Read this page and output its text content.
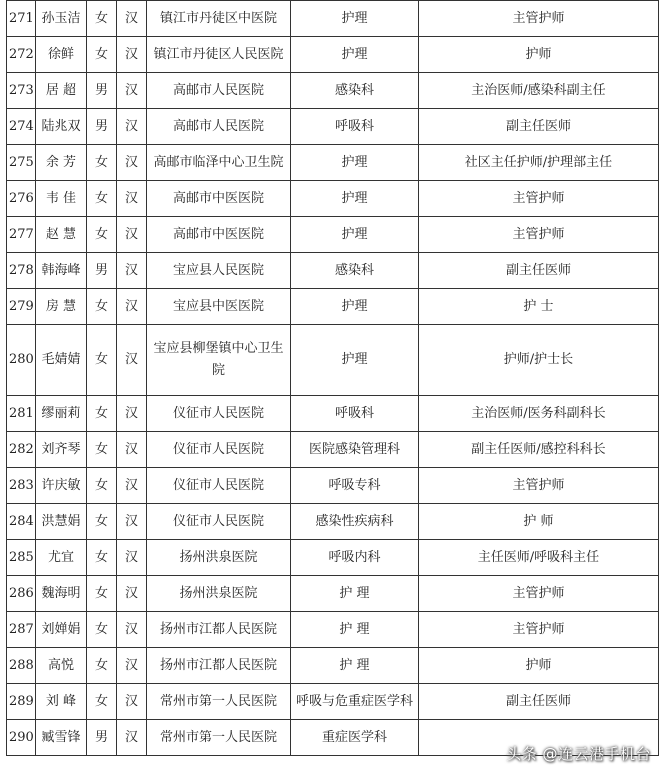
271	孙玉洁	女	汉	镇江市丹徒区中医院	护理	主管护师
272	徐鲜	女	汉	镇江市丹徒区人民医院	护理	护师
273	居 超	男	汉	高邮市人民医院	感染科	主治医师/感染科副主任
274	陆兆双	男	汉	高邮市人民医院	呼吸科	副主任医师
275	余 芳	女	汉	高邮市临泽中心卫生院	护理	社区主任护师/护理部主任
276	韦 佳	女	汉	高邮市中医医院	护理	主管护师
277	赵 慧	女	汉	高邮市中医医院	护理	主管护师
278	韩海峰	男	汉	宝应县人民医院	感染科	副主任医师
279	房 慧	女	汉	宝应县中医医院	护理	护 士
280	毛婧婧	女	汉	宝应县柳堡镇中心卫生院	护理	护师/护士长
281	缪丽莉	女	汉	仪征市人民医院	呼吸科	主治医师/医务科副科长
282	刘齐琴	女	汉	仪征市人民医院	医院感染管理科	副主任医师/感控科科长
283	许庆敏	女	汉	仪征市人民医院	呼吸专科	主管护师
284	洪慧娟	女	汉	仪征市人民医院	感染性疾病科	护 师
285	尤宜	女	汉	扬州洪泉医院	呼吸内科	主任医师/呼吸科主任
286	魏海明	女	汉	扬州洪泉医院	护 理	主管护师
287	刘婵娟	女	汉	扬州市江都人民医院	护 理	主管护师
288	高悦	女	汉	扬州市江都人民医院	护 理	护师
289	刘 峰	女	汉	常州市第一人民医院	呼吸与危重症医学科	副主任医师
290	臧雪锋	男	汉	常州市第一人民医院	重症医学科	
头条 @连云港手机台
